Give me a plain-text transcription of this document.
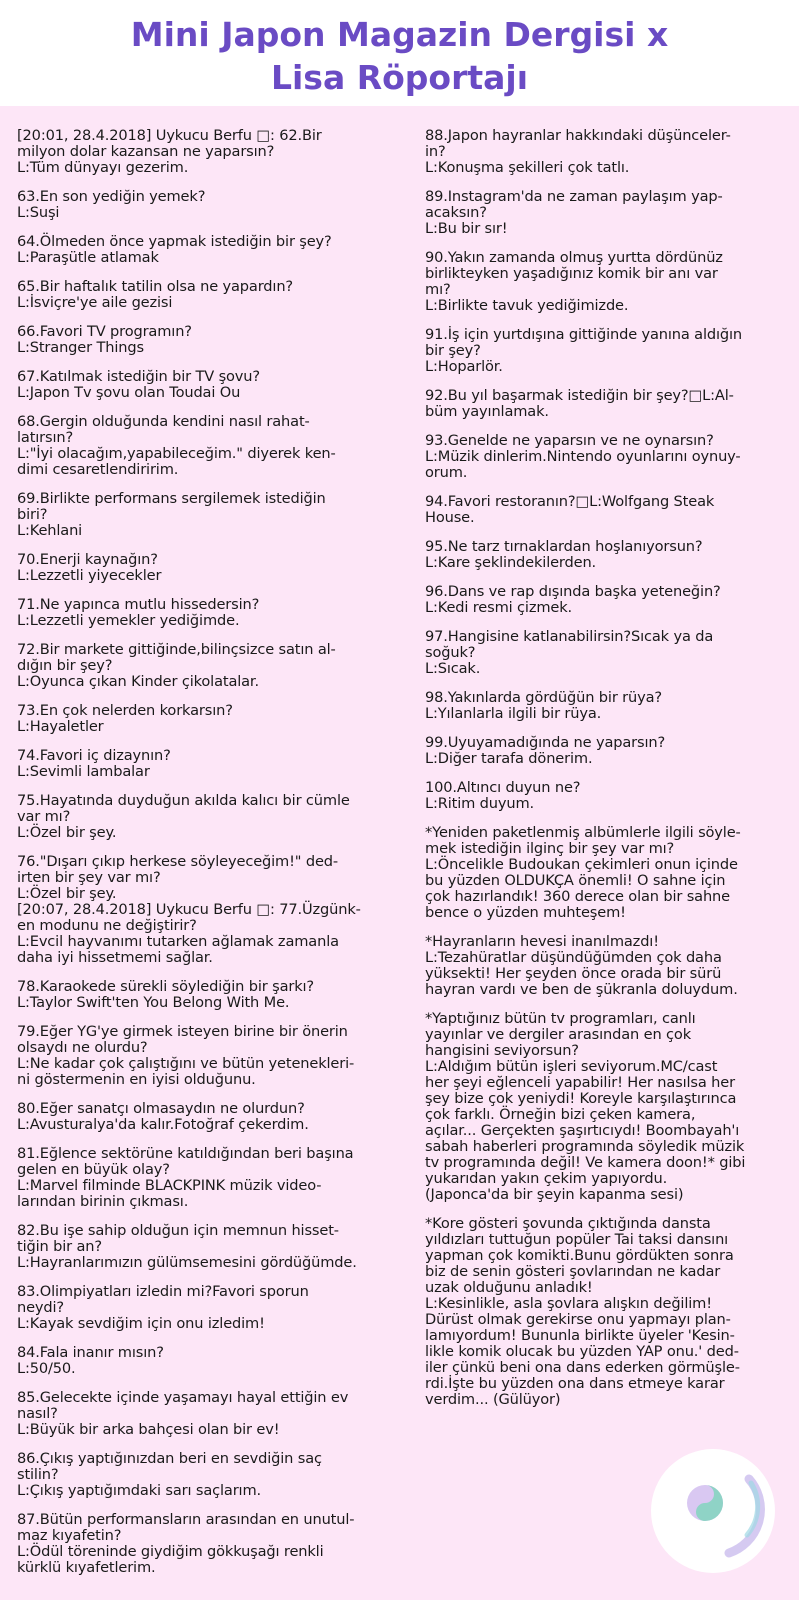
Mini Japon Magazin Dergisi x
Lisa Röportajı
[20:01, 28.4.2018] Uykucu Berfu □: 62.Bir
milyon dolar kazansan ne yaparsın?
L:Tüm dünyayı gezerim.
63.En son yediğin yemek?
L:Suşi
64.Ölmeden önce yapmak istediğin bir şey?
L:Paraşütle atlamak
65.Bir haftalık tatilin olsa ne yapardın?
L:İsviçre'ye aile gezisi
66.Favori TV programın?
L:Stranger Things
67.Katılmak istediğin bir TV şovu?
L:Japon Tv şovu olan Toudai Ou
68.Gergin olduğunda kendini nasıl rahat-
latırsın?
L:"İyi olacağım,yapabileceğim." diyerek ken-
dimi cesaretlendiririm.
69.Birlikte performans sergilemek istediğin
biri?
L:Kehlani
70.Enerji kaynağın?
L:Lezzetli yiyecekler
71.Ne yapınca mutlu hissedersin?
L:Lezzetli yemekler yediğimde.
72.Bir markete gittiğinde,bilinçsizce satın al-
dığın bir şey?
L:Oyunca çıkan Kinder çikolatalar.
73.En çok nelerden korkarsın?
L:Hayaletler
74.Favori iç dizaynın?
L:Sevimli lambalar
75.Hayatında duyduğun akılda kalıcı bir cümle
var mı?
L:Özel bir şey.
76."Dışarı çıkıp herkese söyleyeceğim!" ded-
irten bir şey var mı?
L:Özel bir şey.
[20:07, 28.4.2018] Uykucu Berfu □: 77.Üzgünk-
en modunu ne değiştirir?
L:Evcil hayvanımı tutarken ağlamak zamanla
daha iyi hissetmemi sağlar.
78.Karaokede sürekli söylediğin bir şarkı?
L:Taylor Swift'ten You Belong With Me.
79.Eğer YG'ye girmek isteyen birine bir önerin
olsaydı ne olurdu?
L:Ne kadar çok çalıştığını ve bütün yetenekleri-
ni göstermenin en iyisi olduğunu.
80.Eğer sanatçı olmasaydın ne olurdun?
L:Avusturalya'da kalır.Fotoğraf çekerdim.
81.Eğlence sektörüne katıldığından beri başına
gelen en büyük olay?
L:Marvel filminde BLACKPINK müzik video-
larından birinin çıkması.
82.Bu işe sahip olduğun için memnun hisset-
tiğin bir an?
L:Hayranlarımızın gülümsemesini gördüğümde.
83.Olimpiyatları izledin mi?Favori sporun
neydi?
L:Kayak sevdiğim için onu izledim!
84.Fala inanır mısın?
L:50/50.
85.Gelecekte içinde yaşamayı hayal ettiğin ev
nasıl?
L:Büyük bir arka bahçesi olan bir ev!
86.Çıkış yaptığınızdan beri en sevdiğin saç
stilin?
L:Çıkış yaptığımdaki sarı saçlarım.
87.Bütün performansların arasından en unutul-
maz kıyafetin?
L:Ödül töreninde giydiğim gökkuşağı renkli
kürklü kıyafetlerim.
88.Japon hayranlar hakkındaki düşünceler-
in?
L:Konuşma şekilleri çok tatlı.
89.Instagram'da ne zaman paylaşım yap-
acaksın?
L:Bu bir sır!
90.Yakın zamanda olmuş yurtta dördünüz
birlikteyken yaşadığınız komik bir anı var
mı?
L:Birlikte tavuk yediğimizde.
91.İş için yurtdışına gittiğinde yanına aldığın
bir şey?
L:Hoparlör.
92.Bu yıl başarmak istediğin bir şey?□L:Al-
büm yayınlamak.
93.Genelde ne yaparsın ve ne oynarsın?
L:Müzik dinlerim.Nintendo oyunlarını oynuy-
orum.
94.Favori restoranın?□L:Wolfgang Steak
House.
95.Ne tarz tırnaklardan hoşlanıyorsun?
L:Kare şeklindekilerden.
96.Dans ve rap dışında başka yeteneğin?
L:Kedi resmi çizmek.
97.Hangisine katlanabilirsin?Sıcak ya da
soğuk?
L:Sıcak.
98.Yakınlarda gördüğün bir rüya?
L:Yılanlarla ilgili bir rüya.
99.Uyuyamadığında ne yaparsın?
L:Diğer tarafa dönerim.
100.Altıncı duyun ne?
L:Ritim duyum.
*Yeniden paketlenmiş albümlerle ilgili söyle-
mek istediğin ilginç bir şey var mı?
L:Öncelikle Budoukan çekimleri onun içinde
bu yüzden OLDUKÇA önemli! O sahne için
çok hazırlandık! 360 derece olan bir sahne
bence o yüzden muhteşem!
*Hayranların hevesi inanılmazdı!
L:Tezahüratlar düşündüğümden çok daha
yüksekti! Her şeyden önce orada bir sürü
hayran vardı ve ben de şükranla doluydum.
*Yaptığınız bütün tv programları, canlı
yayınlar ve dergiler arasından en çok
hangisini seviyorsun?
L:Aldığım bütün işleri seviyorum.MC/cast
her şeyi eğlenceli yapabilir! Her nasılsa her
şey bize çok yeniydi! Koreyle karşılaştırınca
çok farklı. Örneğin bizi çeken kamera,
açılar... Gerçekten şaşırtıcıydı! Boombayah'ı
sabah haberleri programında söyledik müzik
tv programında değil! Ve kamera doon!* gibi
yukarıdan yakın çekim yapıyordu.
(Japonca'da bir şeyin kapanma sesi)
*Kore gösteri şovunda çıktığında dansta
yıldızları tuttuğun popüler Tai taksi dansını
yapman çok komikti.Bunu gördükten sonra
biz de senin gösteri şovlarından ne kadar
uzak olduğunu anladık!
L:Kesinlikle, asla şovlara alışkın değilim!
Dürüst olmak gerekirse onu yapmayı plan-
lamıyordum! Bununla birlikte üyeler 'Kesin-
likle komik olucak bu yüzden YAP onu.' ded-
iler çünkü beni ona dans ederken görmüşle-
rdi.İşte bu yüzden ona dans etmeye karar
verdim... (Gülüyor)
